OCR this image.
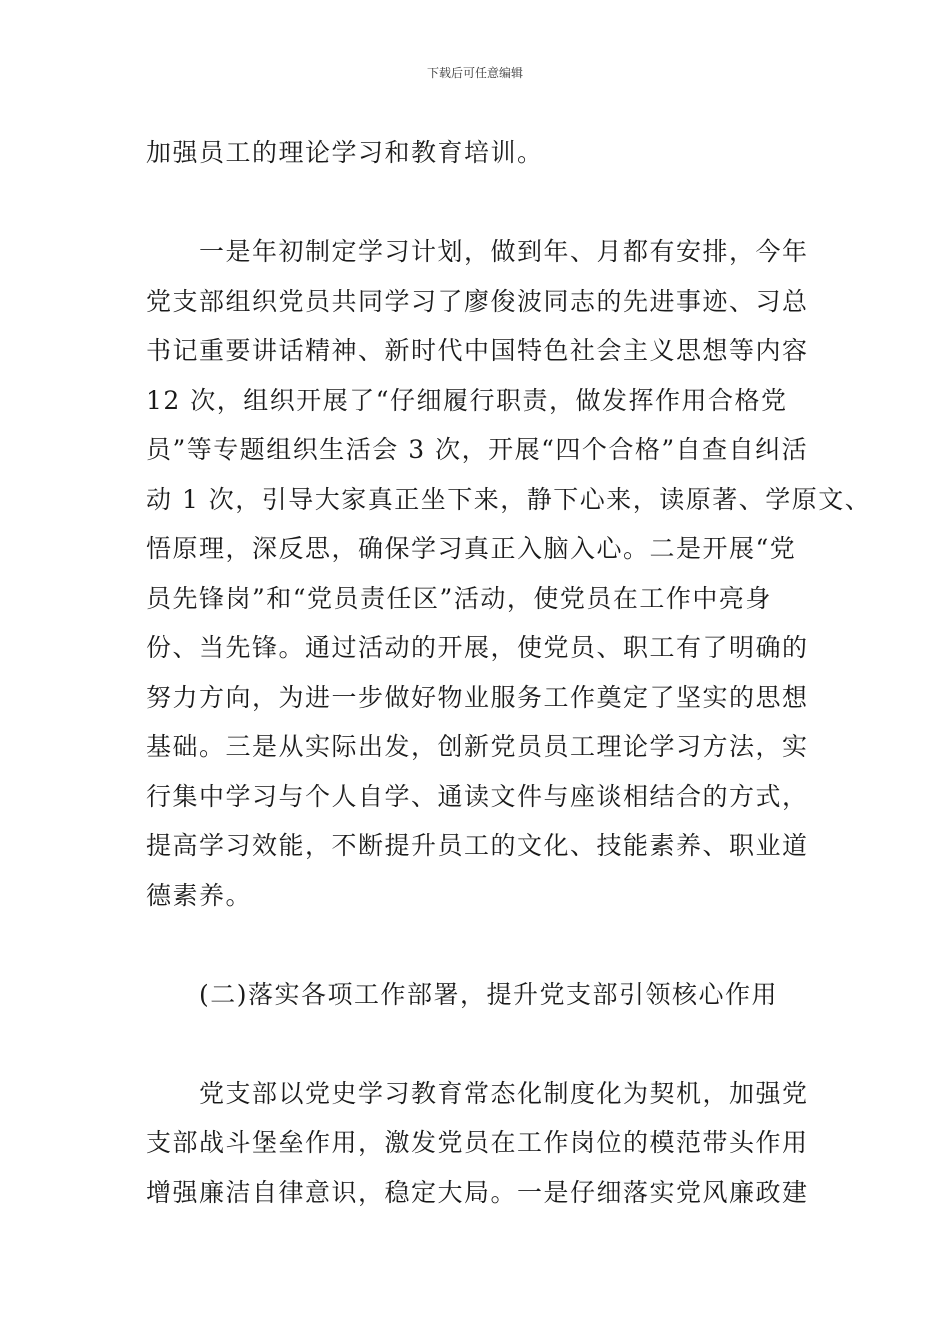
下载后可任意编辑
加强员工的理论学习和教育培训。
　　一是年初制定学习计划，做到年、月都有安排，今年
党支部组织党员共同学习了廖俊波同志的先进事迹、习总
书记重要讲话精神、新时代中国特色社会主义思想等内容
12 次，组织开展了“仔细履行职责，做发挥作用合格党
员”等专题组织生活会 3 次，开展“四个合格”自查自纠活
动 1 次，引导大家真正坐下来，静下心来，读原著、学原文、
悟原理，深反思，确保学习真正入脑入心。二是开展“党
员先锋岗”和“党员责任区”活动，使党员在工作中亮身
份、当先锋。通过活动的开展，使党员、职工有了明确的
努力方向，为进一步做好物业服务工作奠定了坚实的思想
基础。三是从实际出发，创新党员员工理论学习方法，实
行集中学习与个人自学、通读文件与座谈相结合的方式，
提高学习效能，不断提升员工的文化、技能素养、职业道
德素养。
　　(二)落实各项工作部署，提升党支部引领核心作用
　　党支部以党史学习教育常态化制度化为契机，加强党
支部战斗堡垒作用，激发党员在工作岗位的模范带头作用
增强廉洁自律意识，稳定大局。一是仔细落实党风廉政建
